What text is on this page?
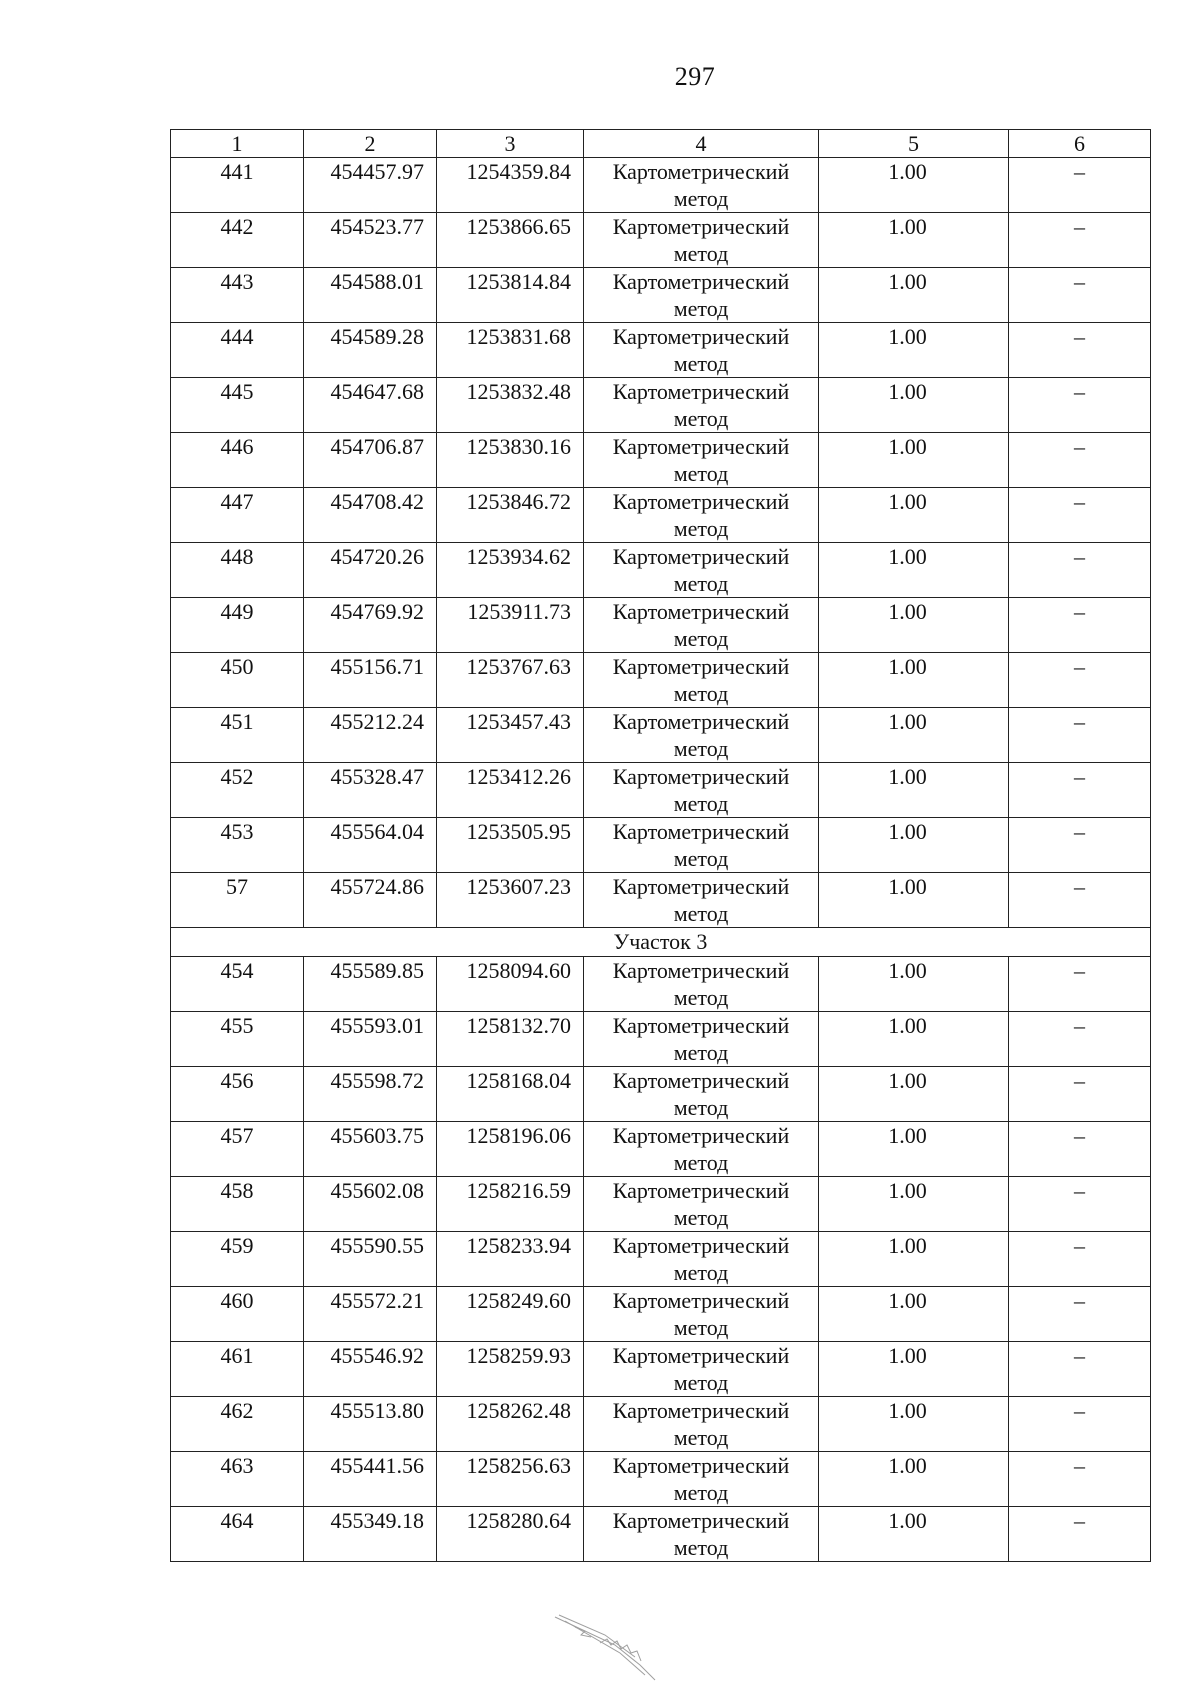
297
1	2	3	4	5	6
441	454457.97	1254359.84	Картометрический метод	1.00	–
442	454523.77	1253866.65	Картометрический метод	1.00	–
443	454588.01	1253814.84	Картометрический метод	1.00	–
444	454589.28	1253831.68	Картометрический метод	1.00	–
445	454647.68	1253832.48	Картометрический метод	1.00	–
446	454706.87	1253830.16	Картометрический метод	1.00	–
447	454708.42	1253846.72	Картометрический метод	1.00	–
448	454720.26	1253934.62	Картометрический метод	1.00	–
449	454769.92	1253911.73	Картометрический метод	1.00	–
450	455156.71	1253767.63	Картометрический метод	1.00	–
451	455212.24	1253457.43	Картометрический метод	1.00	–
452	455328.47	1253412.26	Картометрический метод	1.00	–
453	455564.04	1253505.95	Картометрический метод	1.00	–
57	455724.86	1253607.23	Картометрический метод	1.00	–
Участок 3					
454	455589.85	1258094.60	Картометрический метод	1.00	–
455	455593.01	1258132.70	Картометрический метод	1.00	–
456	455598.72	1258168.04	Картометрический метод	1.00	–
457	455603.75	1258196.06	Картометрический метод	1.00	–
458	455602.08	1258216.59	Картометрический метод	1.00	–
459	455590.55	1258233.94	Картометрический метод	1.00	–
460	455572.21	1258249.60	Картометрический метод	1.00	–
461	455546.92	1258259.93	Картометрический метод	1.00	–
462	455513.80	1258262.48	Картометрический метод	1.00	–
463	455441.56	1258256.63	Картометрический метод	1.00	–
464	455349.18	1258280.64	Картометрический метод	1.00	–
